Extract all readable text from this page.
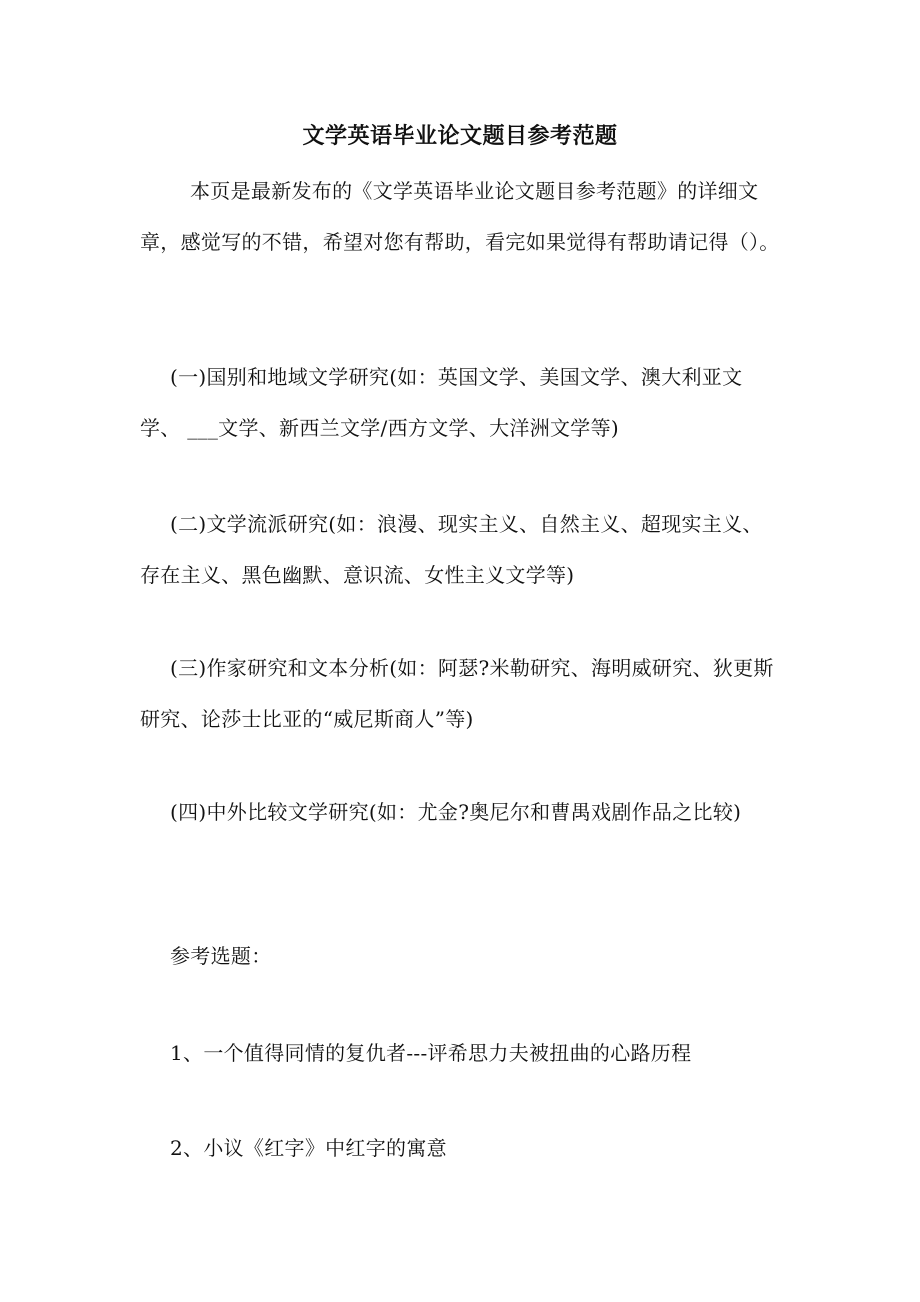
文学英语毕业论文题目参考范题
本页是最新发布的《文学英语毕业论文题目参考范题》的详细文章，感觉写的不错，希望对您有帮助，看完如果觉得有帮助请记得（）。
(一)国别和地域文学研究(如：英国文学、美国文学、澳大利亚文学、 ___文学、新西兰文学/西方文学、大洋洲文学等)
(二)文学流派研究(如：浪漫、现实主义、自然主义、超现实主义、存在主义、黑色幽默、意识流、女性主义文学等)
(三)作家研究和文本分析(如：阿瑟?米勒研究、海明威研究、狄更斯研究、论莎士比亚的“威尼斯商人”等)
(四)中外比较文学研究(如：尤金?奥尼尔和曹禺戏剧作品之比较)
参考选题：
1、一个值得同情的复仇者---评希思力夫被扭曲的心路历程
2、小议《红字》中红字的寓意
